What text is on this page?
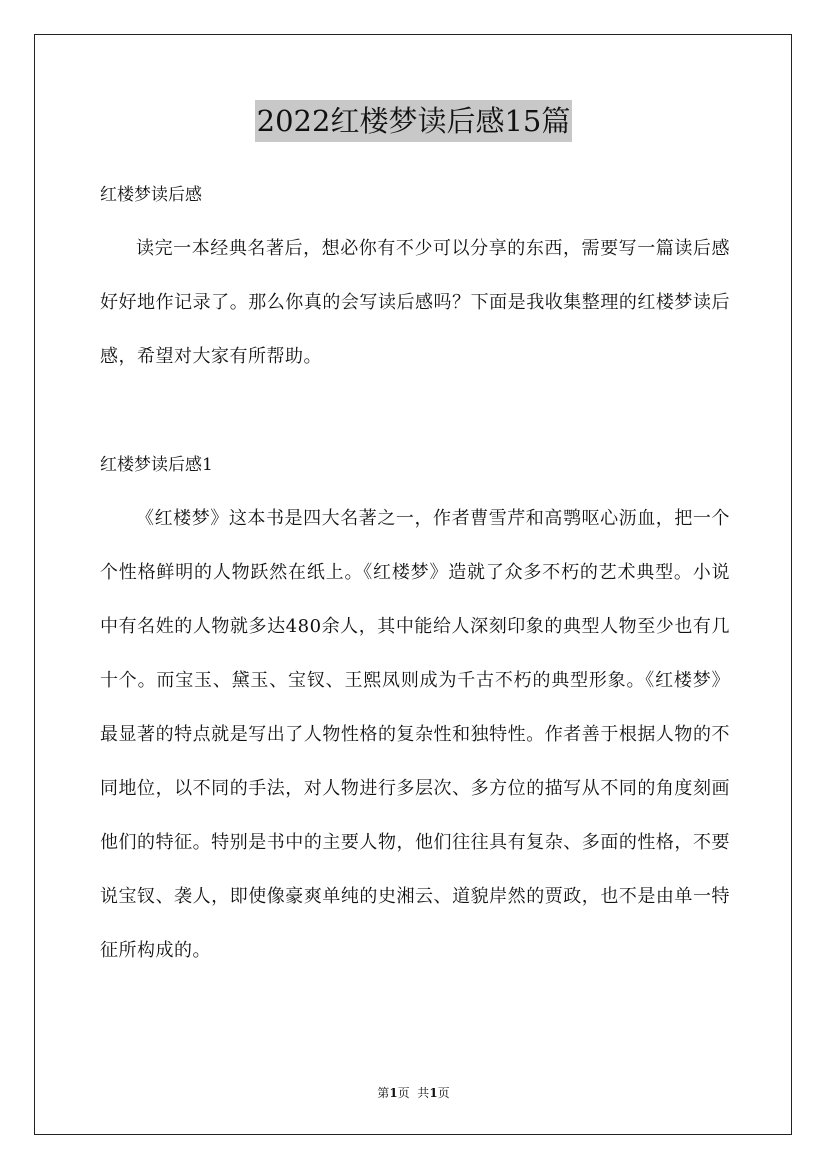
2022红楼梦读后感15篇

红楼梦读后感

读完一本经典名著后，想必你有不少可以分享的东西，需要写一篇读后感好好地作记录了。那么你真的会写读后感吗？下面是我收集整理的红楼梦读后感，希望对大家有所帮助。

红楼梦读后感1

《红楼梦》这本书是四大名著之一，作者曹雪芹和高鹗呕心沥血，把一个个性格鲜明的人物跃然在纸上。《红楼梦》造就了众多不朽的艺术典型。小说中有名姓的人物就多达480余人，其中能给人深刻印象的典型人物至少也有几十个。而宝玉、黛玉、宝钗、王熙凤则成为千古不朽的典型形象。《红楼梦》最显著的特点就是写出了人物性格的复杂性和独特性。作者善于根据人物的不同地位，以不同的手法，对人物进行多层次、多方位的描写从不同的角度刻画他们的特征。特别是书中的主要人物，他们往往具有复杂、多面的性格，不要说宝钗、袭人，即使像豪爽单纯的史湘云、道貌岸然的贾政，也不是由单一特征所构成的。

第1页  共1页
